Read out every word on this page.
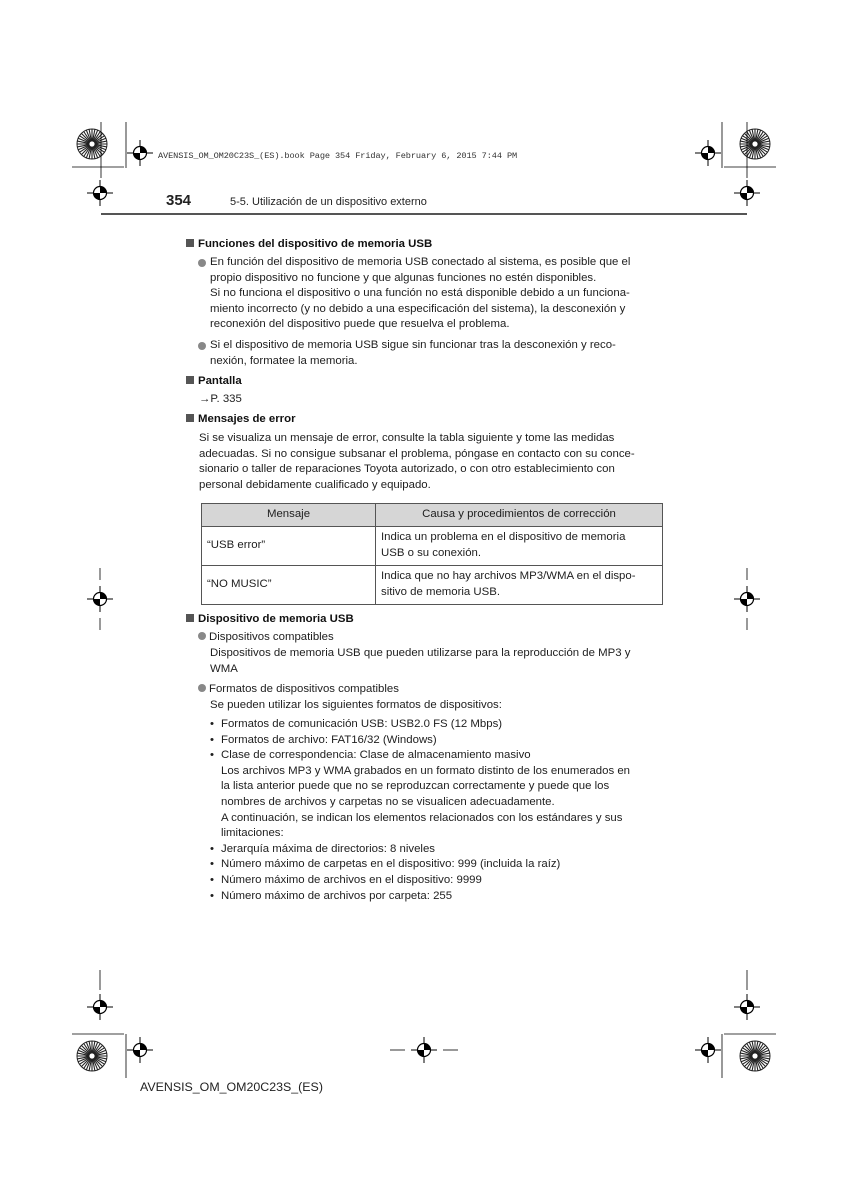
AVENSIS_OM_OM20C23S_(ES).book Page 354 Friday, February 6, 2015 7:44 PM
354	5-5. Utilización de un dispositivo externo
Funciones del dispositivo de memoria USB
En función del dispositivo de memoria USB conectado al sistema, es posible que el
propio dispositivo no funcione y que algunas funciones no estén disponibles.
Si no funciona el dispositivo o una función no está disponible debido a un funciona-
miento incorrecto (y no debido a una especificación del sistema), la desconexión y
reconexión del dispositivo puede que resuelva el problema.
Si el dispositivo de memoria USB sigue sin funcionar tras la desconexión y reco-
nexión, formatee la memoria.
Pantalla
→P. 335
Mensajes de error
Si se visualiza un mensaje de error, consulte la tabla siguiente y tome las medidas
adecuadas. Si no consigue subsanar el problema, póngase en contacto con su conce-
sionario o taller de reparaciones Toyota autorizado, o con otro establecimiento con
personal debidamente cualificado y equipado.
Mensaje	Causa y procedimientos de corrección
“USB error”	Indica un problema en el dispositivo de memoria
USB o su conexión.

“NO MUSIC”	Indica que no hay archivos MP3/WMA en el dispo-
sitivo de memoria USB.
Dispositivo de memoria USB
Dispositivos compatibles
Dispositivos de memoria USB que pueden utilizarse para la reproducción de MP3 y
WMA
Formatos de dispositivos compatibles
Se pueden utilizar los siguientes formatos de dispositivos:
• Formatos de comunicación USB: USB2.0 FS (12 Mbps)
• Formatos de archivo: FAT16/32 (Windows)
• Clase de correspondencia: Clase de almacenamiento masivo
Los archivos MP3 y WMA grabados en un formato distinto de los enumerados en
la lista anterior puede que no se reproduzcan correctamente y puede que los
nombres de archivos y carpetas no se visualicen adecuadamente.
A continuación, se indican los elementos relacionados con los estándares y sus
limitaciones:
• Jerarquía máxima de directorios: 8 niveles
• Número máximo de carpetas en el dispositivo: 999 (incluida la raíz)
• Número máximo de archivos en el dispositivo: 9999
• Número máximo de archivos por carpeta: 255
AVENSIS_OM_OM20C23S_(ES)
